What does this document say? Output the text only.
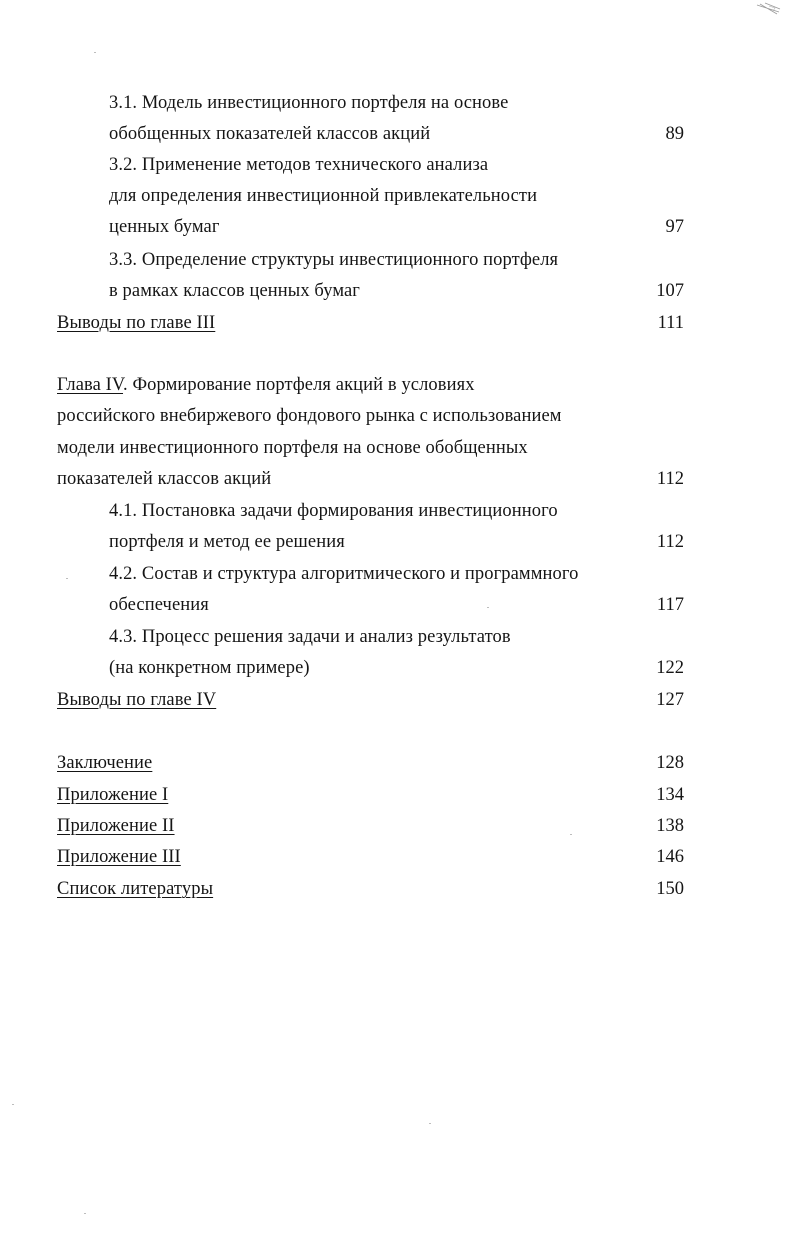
3.1. Модель инвестиционного портфеля на основе
обобщенных показателей классов акций	89
3.2. Применение методов технического анализа
для определения инвестиционной привлекательности
ценных бумаг	97
3.3. Определение структуры инвестиционного портфеля
в рамках классов ценных бумаг	107
Выводы по главе III	111
Глава IV. Формирование портфеля акций в условиях
российского внебиржевого фондового рынка с использованием
модели инвестиционного портфеля на основе обобщенных
показателей классов акций	112
4.1. Постановка задачи формирования инвестиционного
портфеля и метод ее решения	112
4.2. Состав и структура алгоритмического и программного
обеспечения	117
4.3. Процесс решения задачи и анализ результатов
(на конкретном примере)	122
Выводы по главе IV	127
Заключение	128
Приложение I	134
Приложение II	138
Приложение III	146
Список литературы	150
